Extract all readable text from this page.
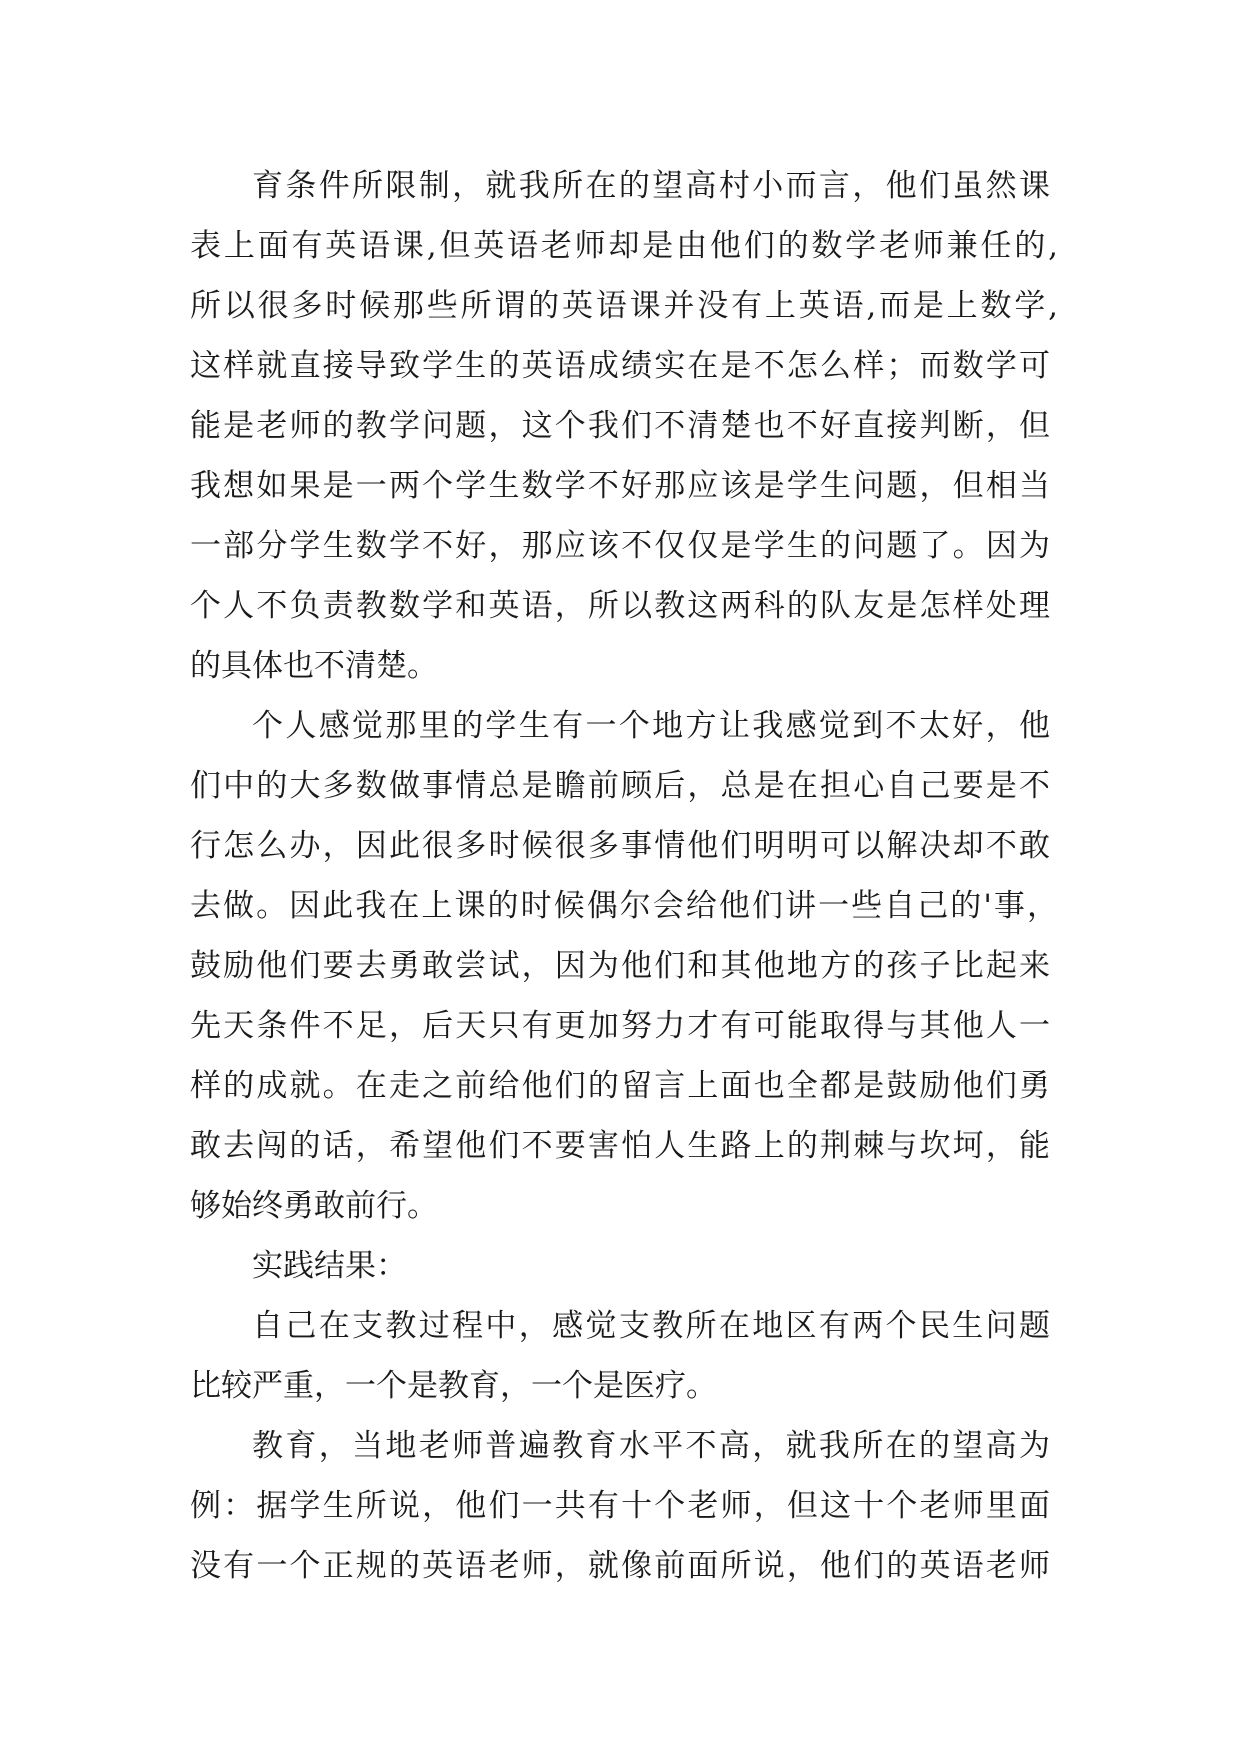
育条件所限制，就我所在的望高村小而言，他们虽然课

表上面有英语课,但英语老师却是由他们的数学老师兼任的,

所以很多时候那些所谓的英语课并没有上英语,而是上数学,

这样就直接导致学生的英语成绩实在是不怎么样；而数学可

能是老师的教学问题，这个我们不清楚也不好直接判断，但

我想如果是一两个学生数学不好那应该是学生问题，但相当

一部分学生数学不好，那应该不仅仅是学生的问题了。因为

个人不负责教数学和英语，所以教这两科的队友是怎样处理

的具体也不清楚。

个人感觉那里的学生有一个地方让我感觉到不太好，他

们中的大多数做事情总是瞻前顾后，总是在担心自己要是不

行怎么办，因此很多时候很多事情他们明明可以解决却不敢

去做。因此我在上课的时候偶尔会给他们讲一些自己的'事，

鼓励他们要去勇敢尝试，因为他们和其他地方的孩子比起来

先天条件不足，后天只有更加努力才有可能取得与其他人一

样的成就。在走之前给他们的留言上面也全都是鼓励他们勇

敢去闯的话，希望他们不要害怕人生路上的荆棘与坎坷，能

够始终勇敢前行。

实践结果：

自己在支教过程中，感觉支教所在地区有两个民生问题

比较严重，一个是教育，一个是医疗。

教育，当地老师普遍教育水平不高，就我所在的望高为

例：据学生所说，他们一共有十个老师，但这十个老师里面

没有一个正规的英语老师，就像前面所说，他们的英语老师
